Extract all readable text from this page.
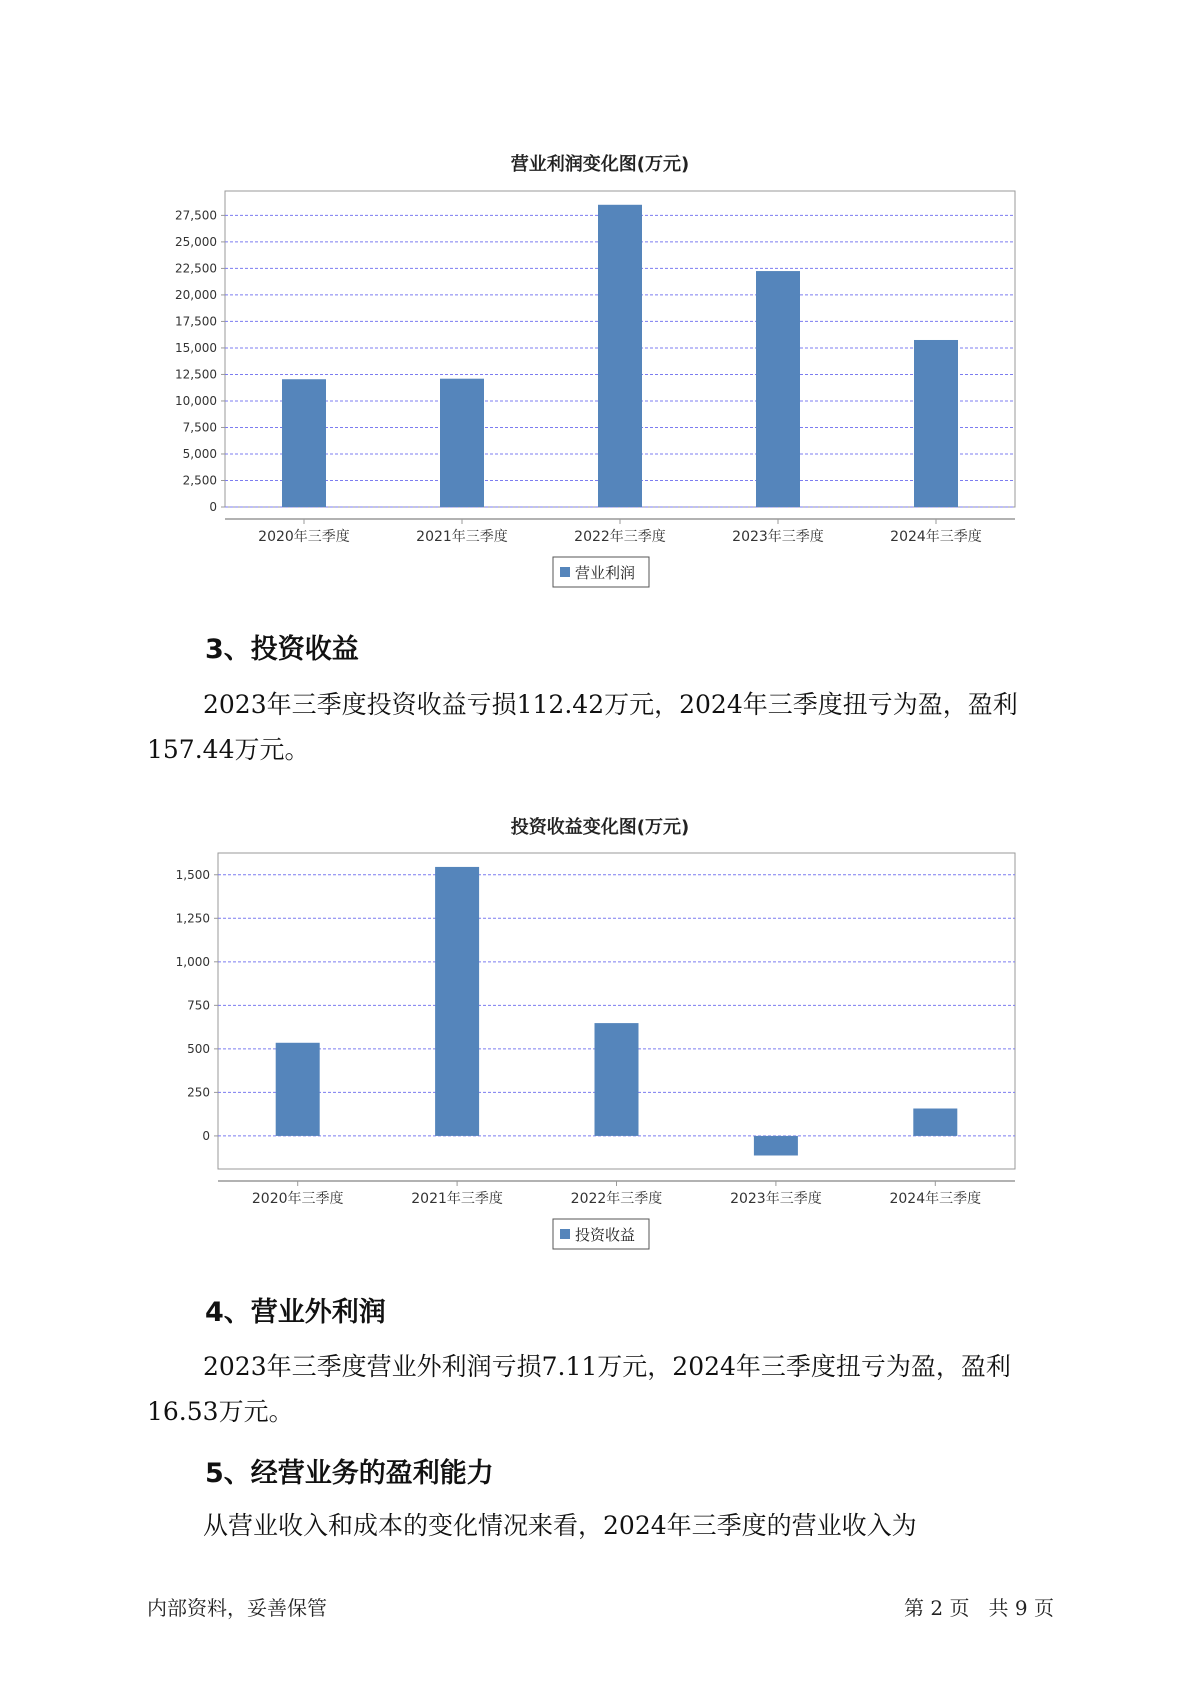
营业利润变化图(万元)
0
2,500
5,000
7,500
10,000
12,500
15,000
17,500
20,000
22,500
25,000
27,500
2020年三季度	2021年三季度	2022年三季度	2023年三季度	2024年三季度
营业利润
3、投资收益

2023年三季度投资收益亏损112.42万元，2024年三季度扭亏为盈，盈利157.44万元。

投资收益变化图(万元)
0
250
500
750
1,000
1,250
1,500
2020年三季度	2021年三季度	2022年三季度	2023年三季度	2024年三季度
投资收益
4、营业外利润

2023年三季度营业外利润亏损7.11万元，2024年三季度扭亏为盈，盈利16.53万元。

5、经营业务的盈利能力

从营业收入和成本的变化情况来看，2024年三季度的营业收入为

内部资料，妥善保管	第 2 页   共 9 页
